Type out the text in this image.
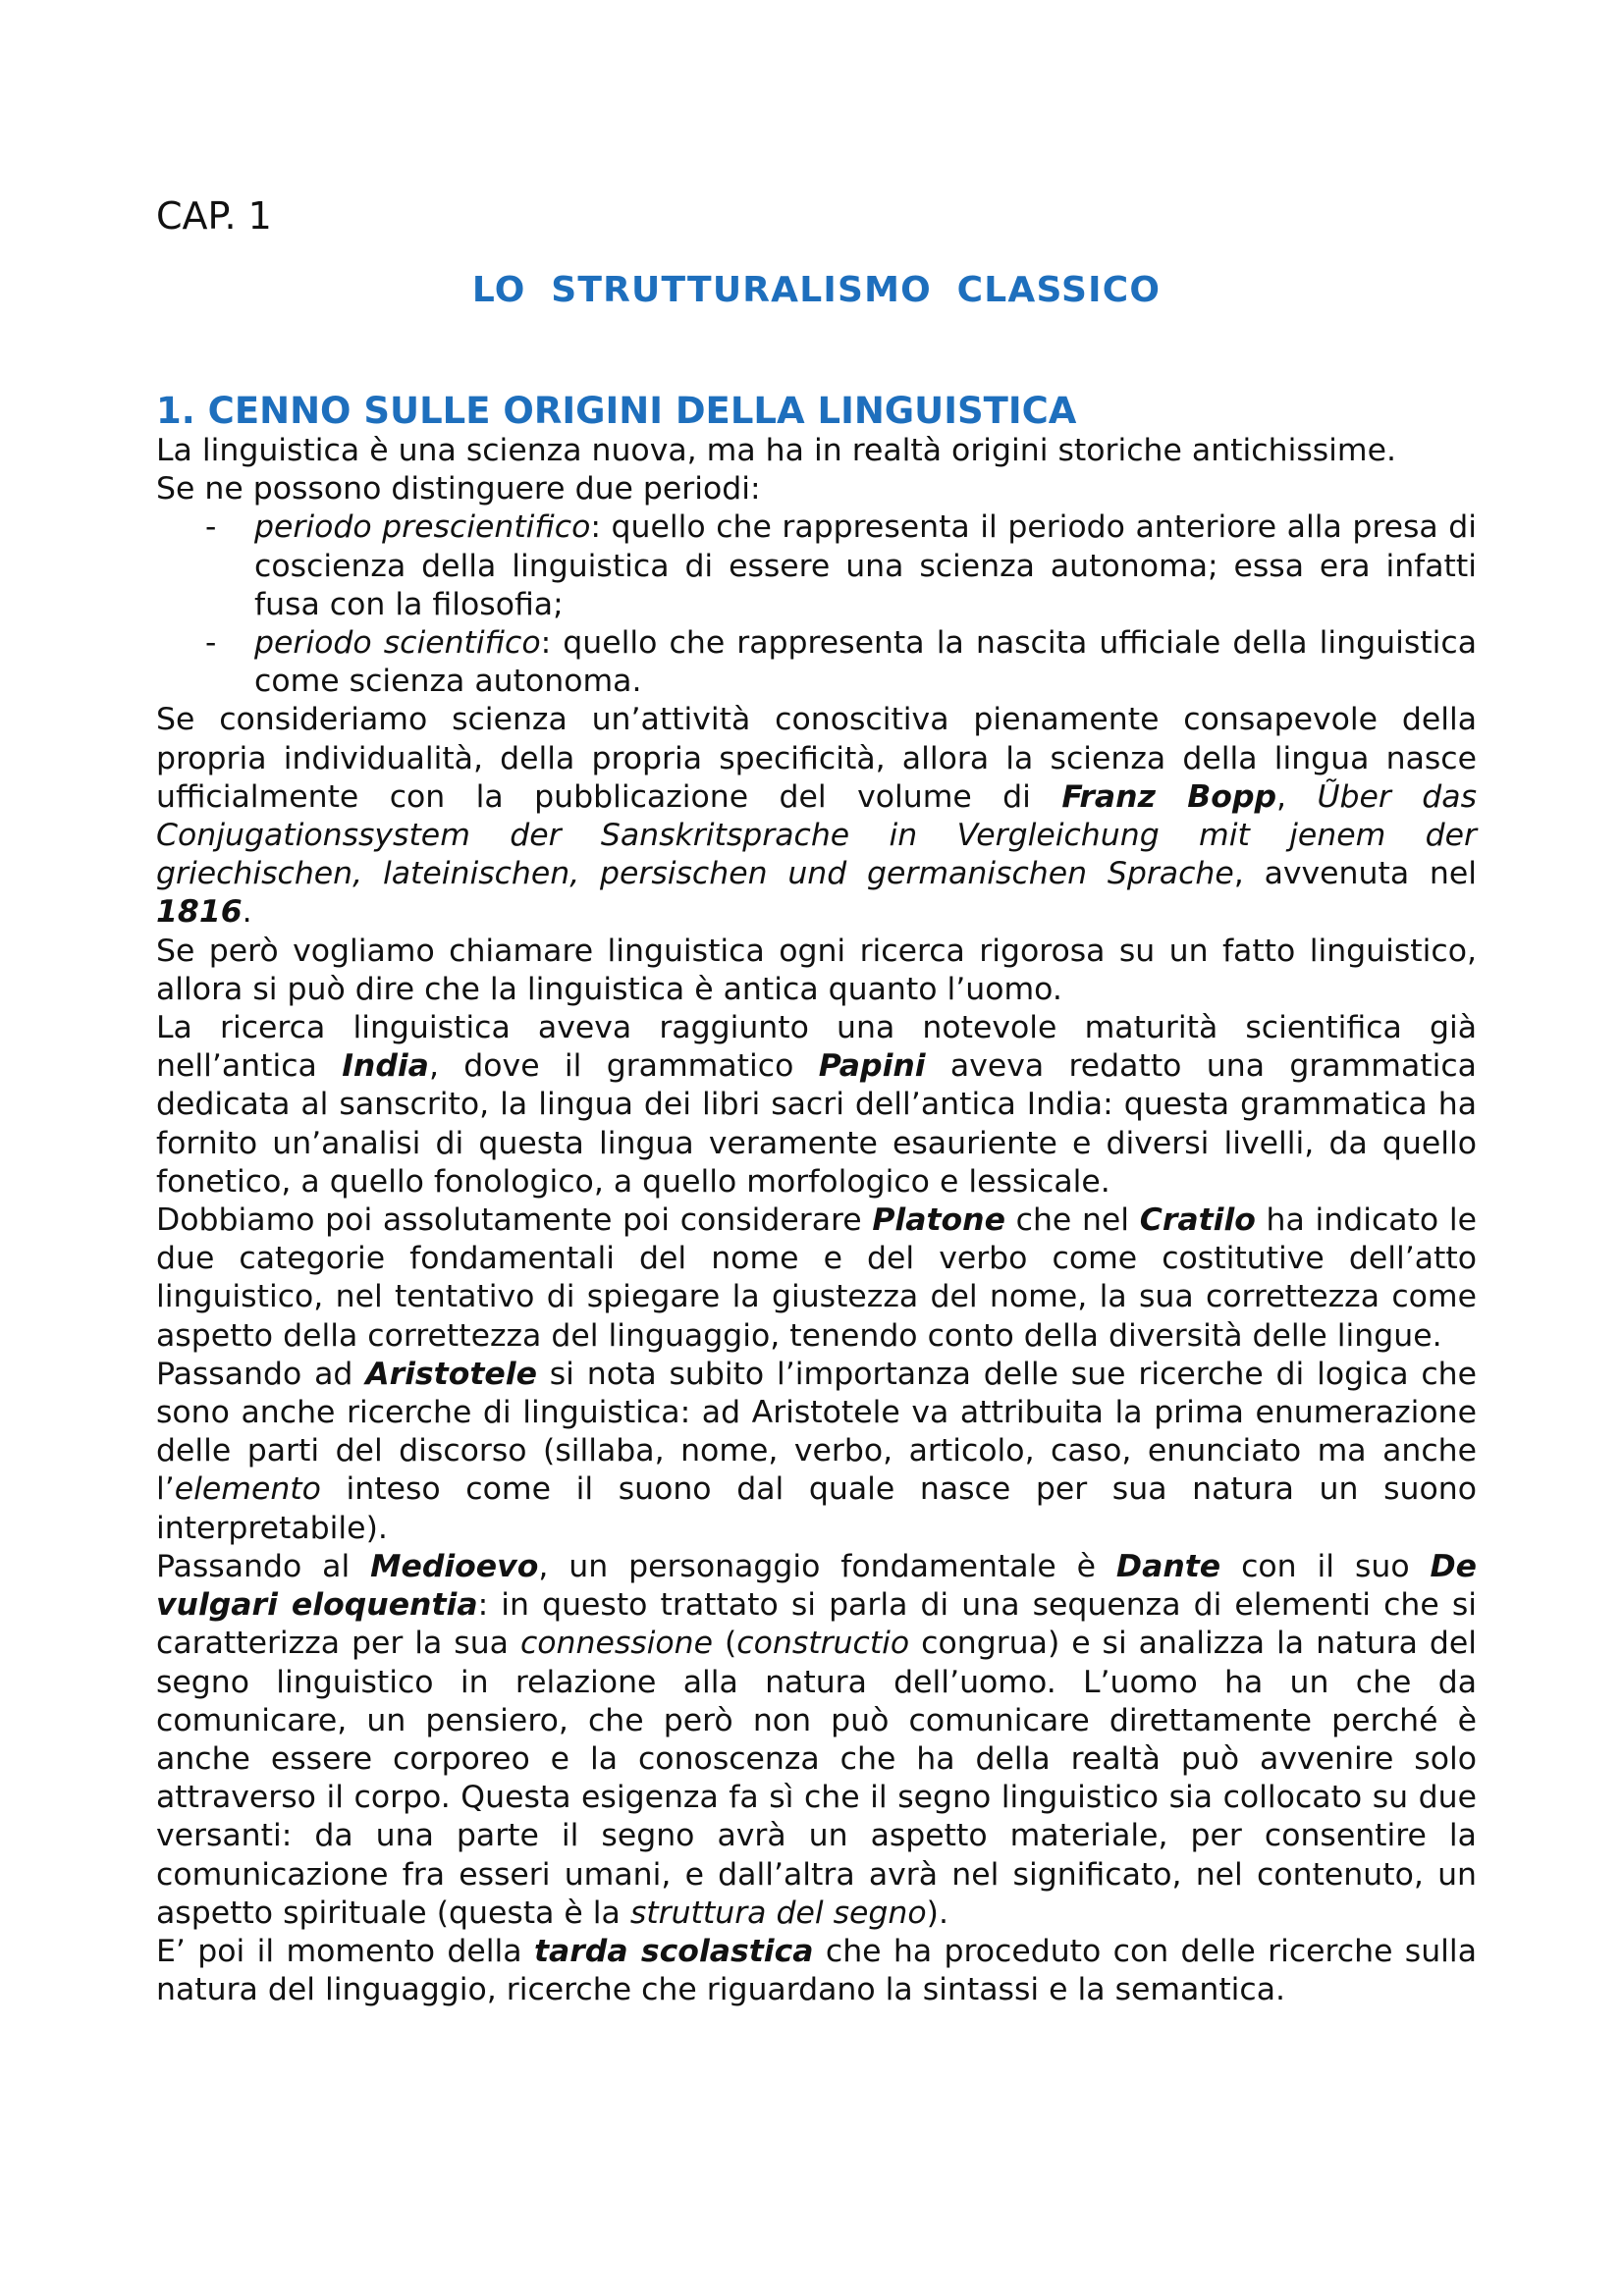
CAP. 1
LO STRUTTURALISMO CLASSICO
1. CENNO SULLE ORIGINI DELLA LINGUISTICA

La linguistica è una scienza nuova, ma ha in realtà origini storiche antichissime.

Se ne possono distinguere due periodi:

- periodo prescientifico: quello che rappresenta il periodo anteriore alla presa di coscienza della linguistica di essere una scienza autonoma; essa era infatti fusa con la filosofia;
- periodo scientifico: quello che rappresenta la nascita ufficiale della linguistica come scienza autonoma.

Se consideriamo scienza un’attività conoscitiva pienamente consapevole della propria individualità, della propria specificità, allora la scienza della lingua nasce ufficialmente con la pubblicazione del volume di Franz Bopp, Ũber das Conjugationssystem der Sanskritsprache in Vergleichung mit jenem der griechischen, lateinischen, persischen und germanischen Sprache, avvenuta nel 1816.

Se però vogliamo chiamare linguistica ogni ricerca rigorosa su un fatto linguistico, allora si può dire che la linguistica è antica quanto l’uomo.

La ricerca linguistica aveva raggiunto una notevole maturità scientifica già nell’antica India, dove il grammatico Papini aveva redatto una grammatica dedicata al sanscrito, la lingua dei libri sacri dell’antica India: questa grammatica ha fornito un’analisi di questa lingua veramente esauriente e diversi livelli, da quello fonetico, a quello fonologico, a quello morfologico e lessicale.

Dobbiamo poi assolutamente poi considerare Platone che nel Cratilo ha indicato le due categorie fondamentali del nome e del verbo come costitutive dell’atto linguistico, nel tentativo di spiegare la giustezza del nome, la sua correttezza come aspetto della correttezza del linguaggio, tenendo conto della diversità delle lingue.

Passando ad Aristotele si nota subito l’importanza delle sue ricerche di logica che sono anche ricerche di linguistica: ad Aristotele va attribuita la prima enumerazione delle parti del discorso (sillaba, nome, verbo, articolo, caso, enunciato ma anche l’elemento inteso come il suono dal quale nasce per sua natura un suono interpretabile).

Passando al Medioevo, un personaggio fondamentale è Dante con il suo De vulgari eloquentia: in questo trattato si parla di una sequenza di elementi che si caratterizza per la sua connessione (constructio congrua) e si analizza la natura del segno linguistico in relazione alla natura dell’uomo. L’uomo ha un che da comunicare, un pensiero, che però non può comunicare direttamente perché è anche essere corporeo e la conoscenza che ha della realtà può avvenire solo attraverso il corpo. Questa esigenza fa sì che il segno linguistico sia collocato su due versanti: da una parte il segno avrà un aspetto materiale, per consentire la comunicazione fra esseri umani, e dall’altra avrà nel significato, nel contenuto, un aspetto spirituale (questa è la struttura del segno).

E’ poi il momento della tarda scolastica che ha proceduto con delle ricerche sulla natura del linguaggio, ricerche che riguardano la sintassi e la semantica.
